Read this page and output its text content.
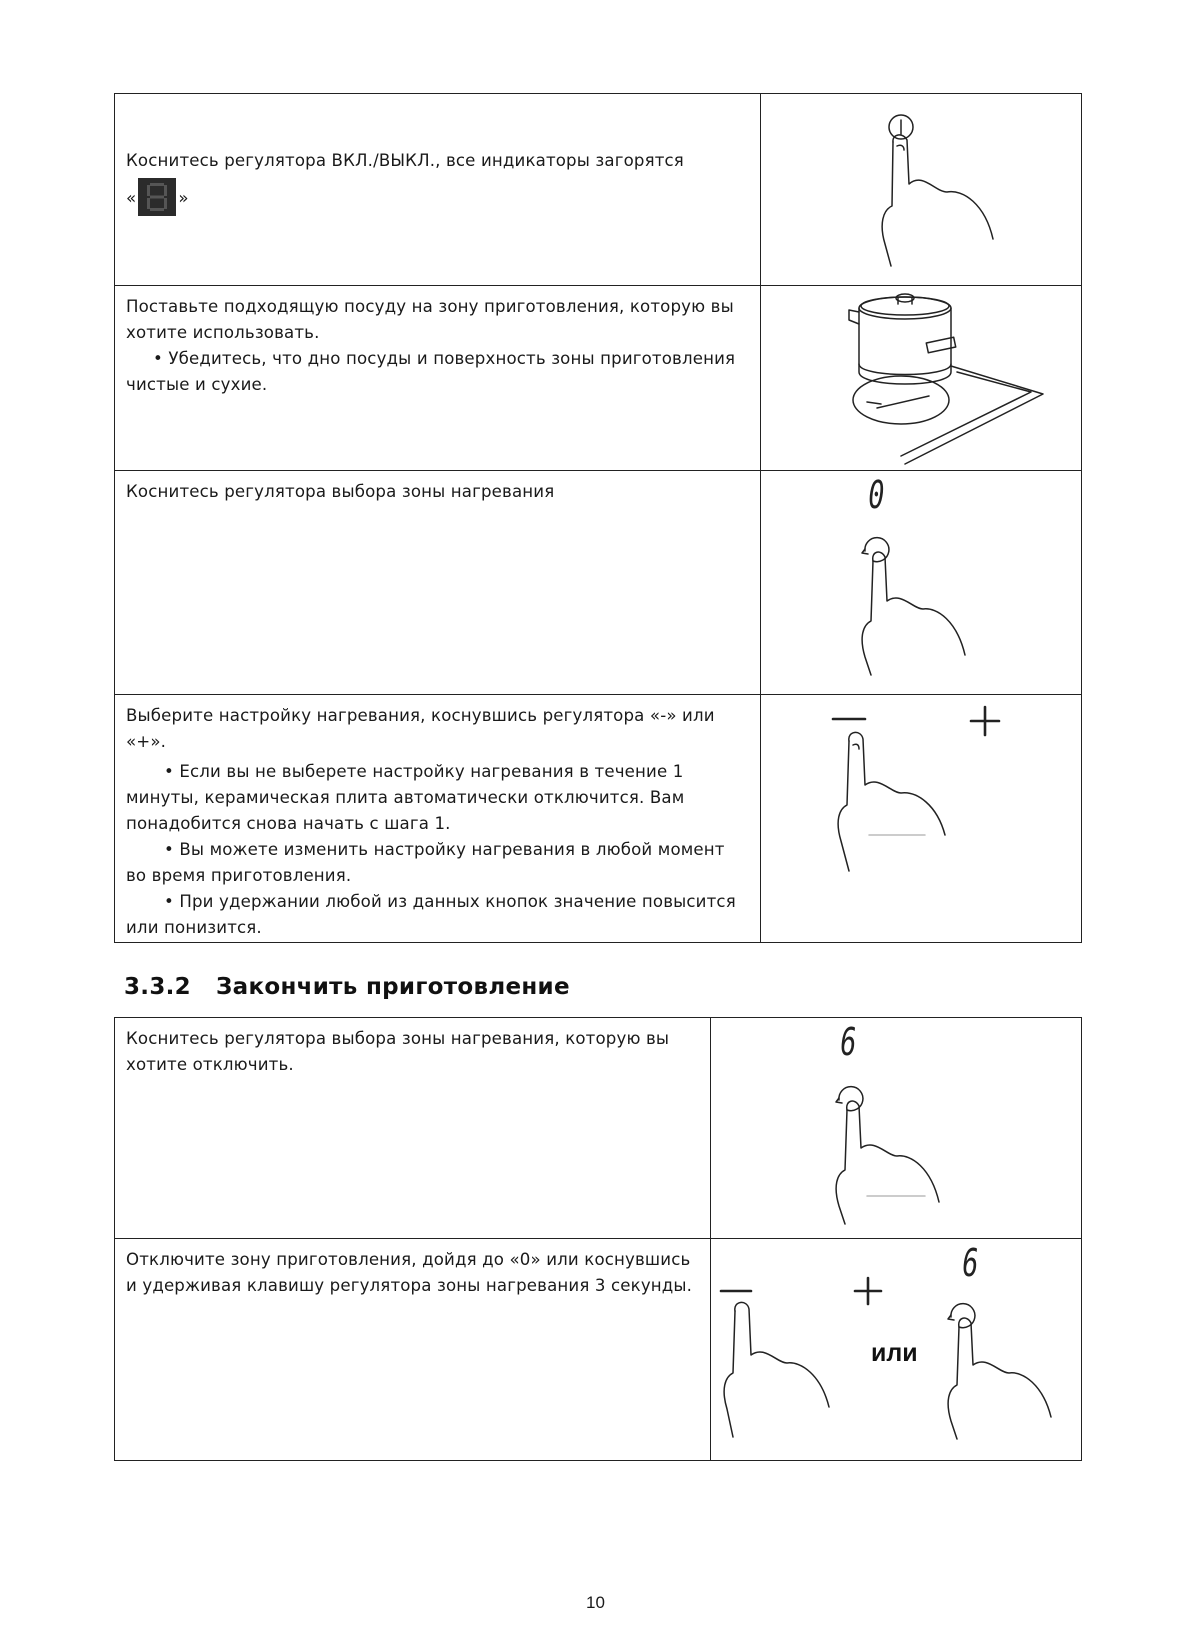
Коснитесь регулятора ВКЛ./ВЫКЛ., все индикаторы загорятся

«	»

Поставьте подходящую посуду на зону приготовления, которую вы хотите использовать.

• Убедитесь, что дно посуды и поверхность зоны приготовления чистые и сухие.

Коснитесь регулятора выбора зоны нагревания	0

Выберите настройку нагревания, коснувшись регулятора «-» или «+».

• Если вы не выберете настройку нагревания в течение 1 минуты, керамическая плита автоматически отключится. Вам понадобится снова начать с шага 1.

• Вы можете изменить настройку нагревания в любой момент во время приготовления.

• При удержании любой из данных кнопок значение повысится или понизится.

3.3.2 Закончить приготовление

Коснитесь регулятора выбора зоны нагревания, которую вы хотите отключить.

6

Отключите зону приготовления, дойдя до «0» или коснувшись и удерживая клавишу регулятора зоны нагревания 3 секунды.

6
или
10
